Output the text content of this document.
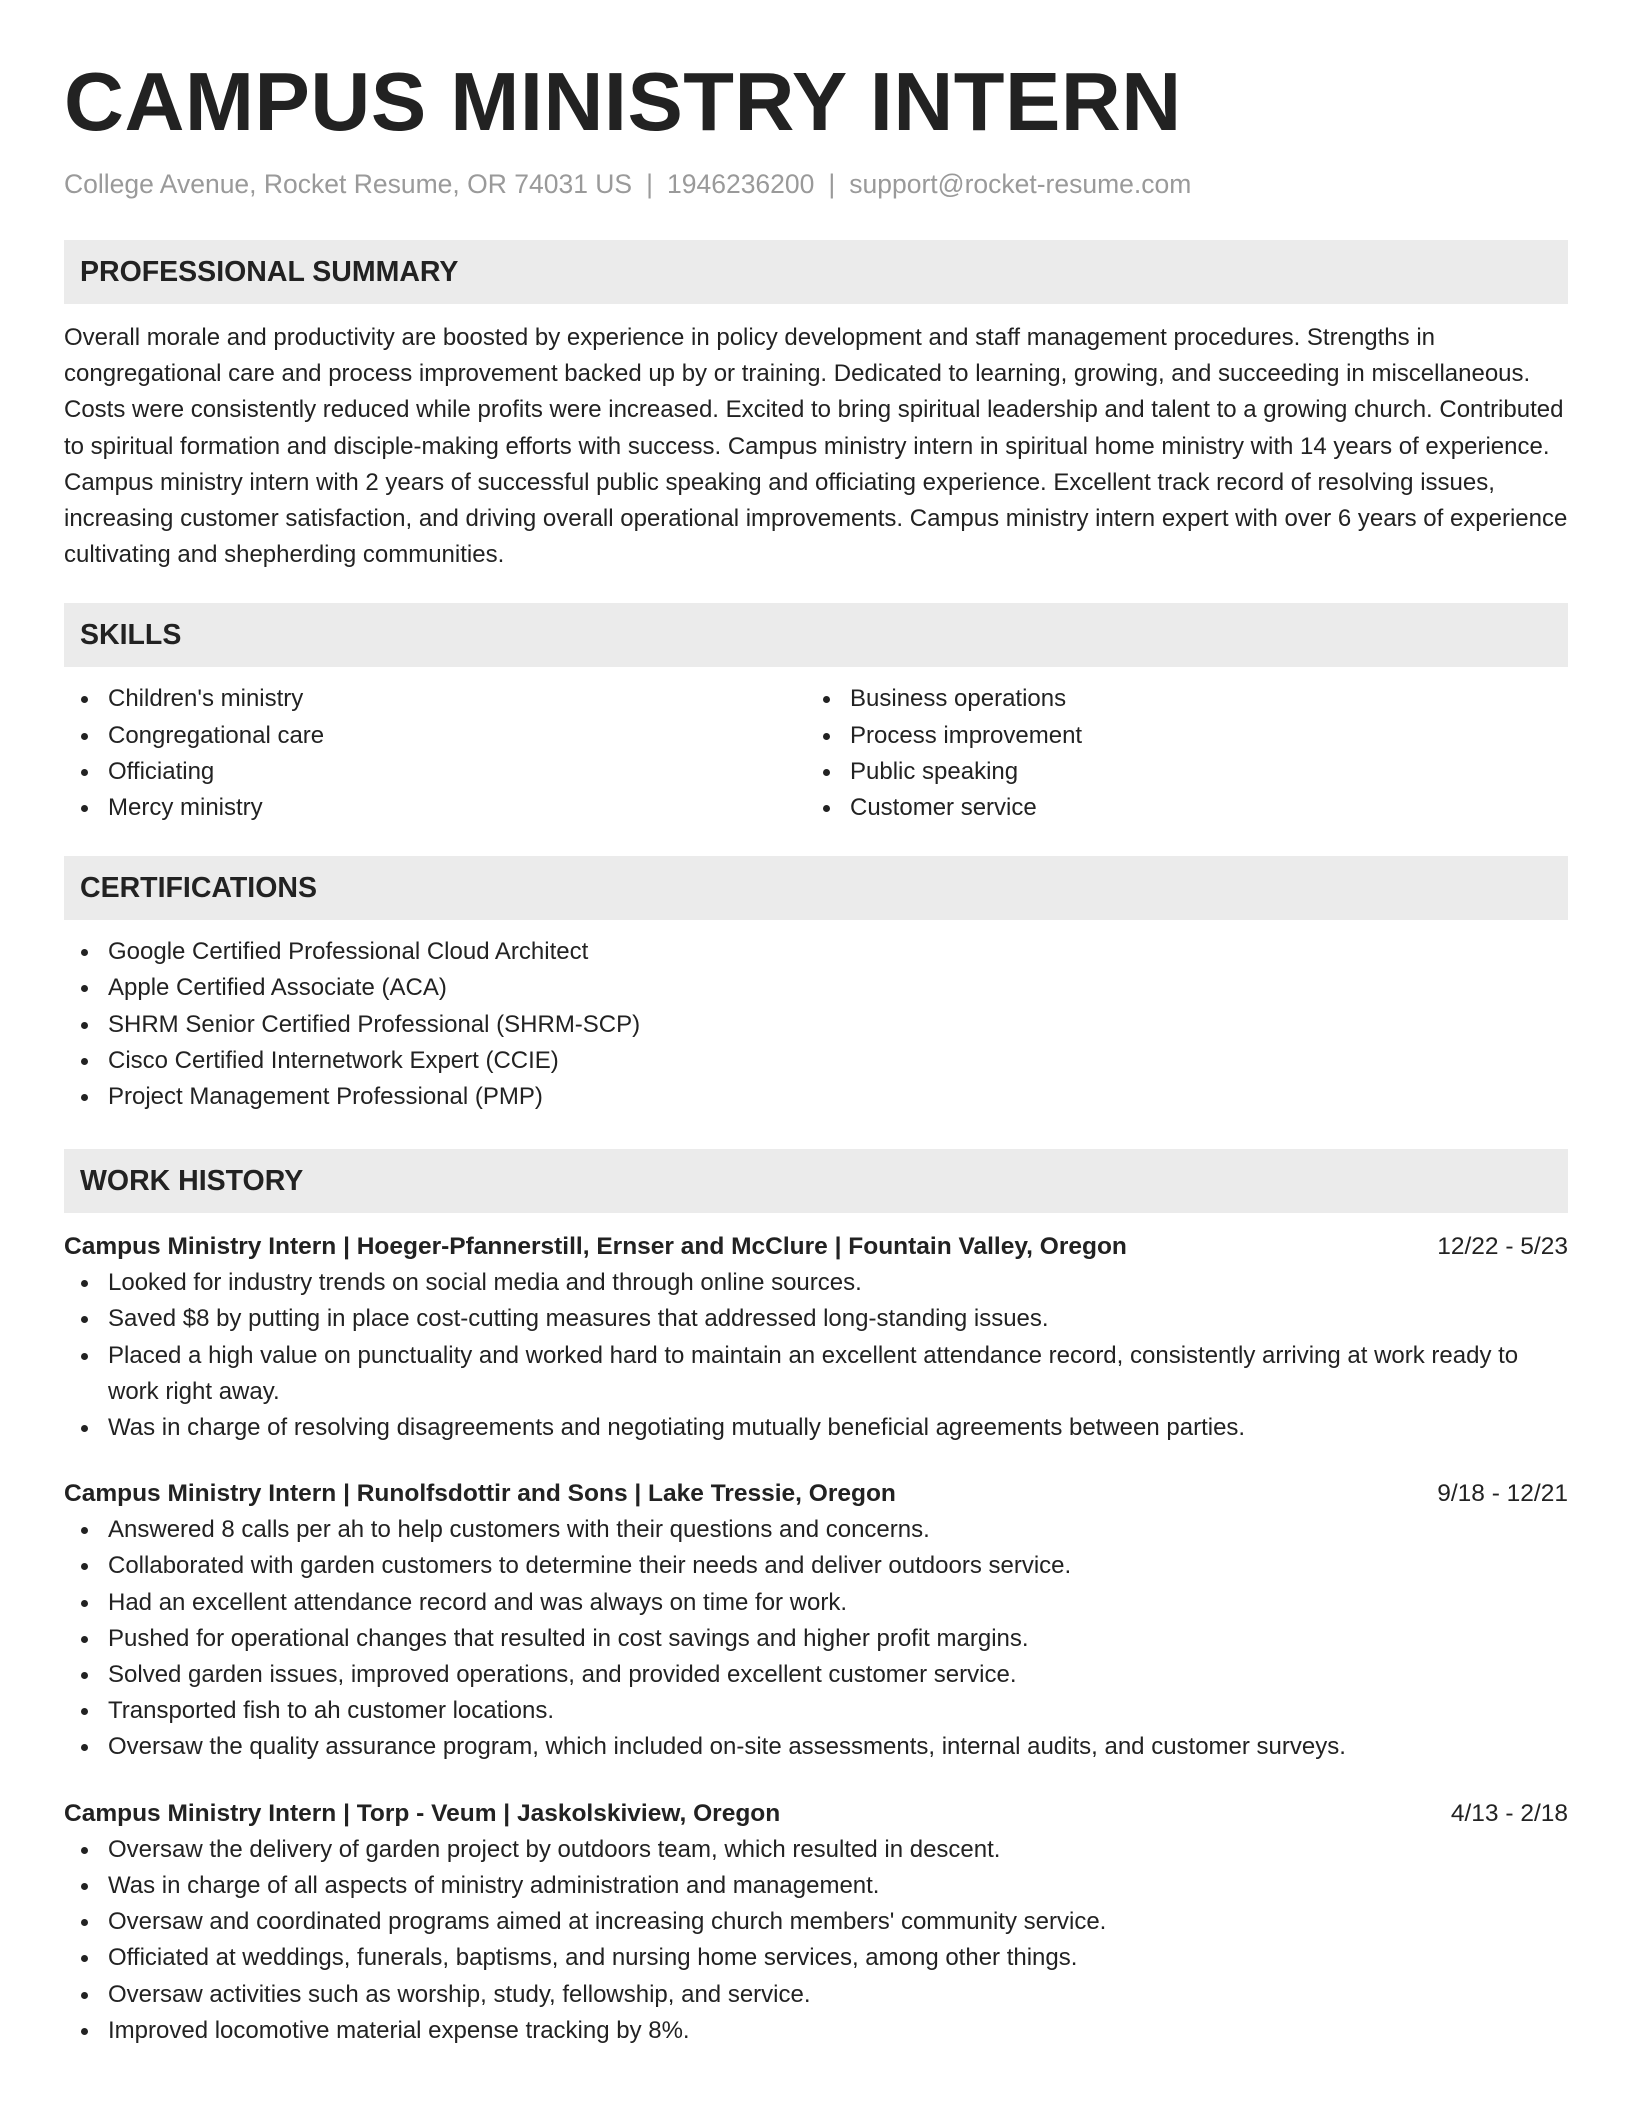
CAMPUS MINISTRY INTERN
College Avenue, Rocket Resume, OR 74031 US | 1946236200 | support@rocket-resume.com
PROFESSIONAL SUMMARY
Overall morale and productivity are boosted by experience in policy development and staff management procedures. Strengths in congregational care and process improvement backed up by or training. Dedicated to learning, growing, and succeeding in miscellaneous. Costs were consistently reduced while profits were increased. Excited to bring spiritual leadership and talent to a growing church. Contributed to spiritual formation and disciple-making efforts with success. Campus ministry intern in spiritual home ministry with 14 years of experience. Campus ministry intern with 2 years of successful public speaking and officiating experience. Excellent track record of resolving issues, increasing customer satisfaction, and driving overall operational improvements. Campus ministry intern expert with over 6 years of experience cultivating and shepherding communities.
SKILLS
Children's ministry
Congregational care
Officiating
Mercy ministry
Business operations
Process improvement
Public speaking
Customer service
CERTIFICATIONS
Google Certified Professional Cloud Architect
Apple Certified Associate (ACA)
SHRM Senior Certified Professional (SHRM-SCP)
Cisco Certified Internetwork Expert (CCIE)
Project Management Professional (PMP)
WORK HISTORY
Campus Ministry Intern | Hoeger-Pfannerstill, Ernser and McClure | Fountain Valley, Oregon	12/22 - 5/23
Looked for industry trends on social media and through online sources.
Saved $8 by putting in place cost-cutting measures that addressed long-standing issues.
Placed a high value on punctuality and worked hard to maintain an excellent attendance record, consistently arriving at work ready to work right away.
Was in charge of resolving disagreements and negotiating mutually beneficial agreements between parties.
Campus Ministry Intern | Runolfsdottir and Sons | Lake Tressie, Oregon	9/18 - 12/21
Answered 8 calls per ah to help customers with their questions and concerns.
Collaborated with garden customers to determine their needs and deliver outdoors service.
Had an excellent attendance record and was always on time for work.
Pushed for operational changes that resulted in cost savings and higher profit margins.
Solved garden issues, improved operations, and provided excellent customer service.
Transported fish to ah customer locations.
Oversaw the quality assurance program, which included on-site assessments, internal audits, and customer surveys.
Campus Ministry Intern | Torp - Veum | Jaskolskiview, Oregon	4/13 - 2/18
Oversaw the delivery of garden project by outdoors team, which resulted in descent.
Was in charge of all aspects of ministry administration and management.
Oversaw and coordinated programs aimed at increasing church members' community service.
Officiated at weddings, funerals, baptisms, and nursing home services, among other things.
Oversaw activities such as worship, study, fellowship, and service.
Improved locomotive material expense tracking by 8%.
